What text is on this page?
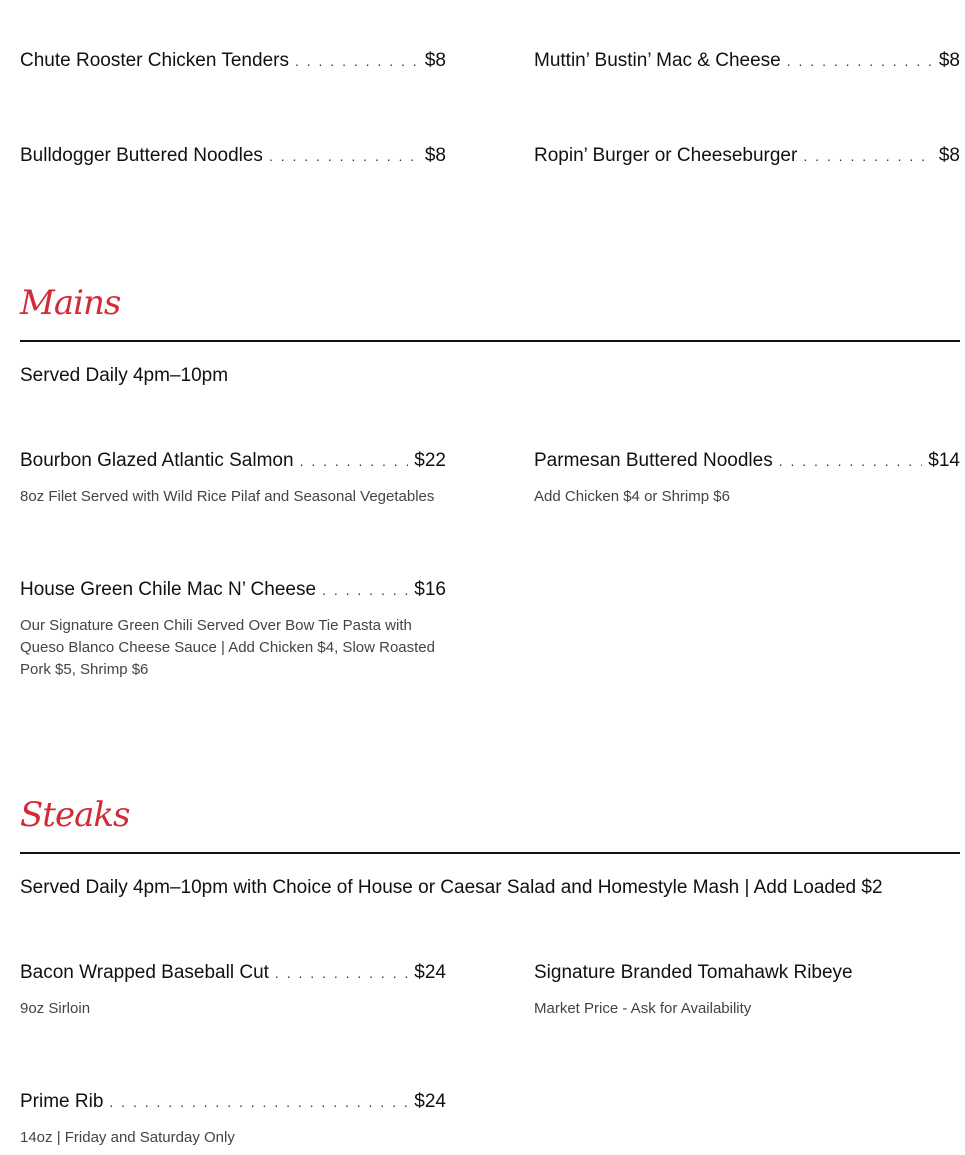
Chute Rooster Chicken Tenders . . .	$8	Muttin’ Bustin’ Mac & Cheese . . .	$8
Bulldogger Buttered Noodles . . .	$8	Ropin’ Burger or Cheeseburger . . .	$8
Mains
Served Daily 4pm–10pm
Bourbon Glazed Atlantic Salmon . . .	$22
8oz Filet Served with Wild Rice Pilaf and Seasonal Vegetables
Parmesan Buttered Noodles . . .	$14
Add Chicken $4 or Shrimp $6
House Green Chile Mac N’ Cheese . . .	$16
Our Signature Green Chili Served Over Bow Tie Pasta with Queso Blanco Cheese Sauce | Add Chicken $4, Slow Roasted Pork $5, Shrimp $6
Steaks
Served Daily 4pm–10pm with Choice of House or Caesar Salad and Homestyle Mash | Add Loaded $2
Bacon Wrapped Baseball Cut . . .	$24
9oz Sirloin
Signature Branded Tomahawk Ribeye
Market Price - Ask for Availability
Prime Rib . . .	$24
14oz | Friday and Saturday Only
